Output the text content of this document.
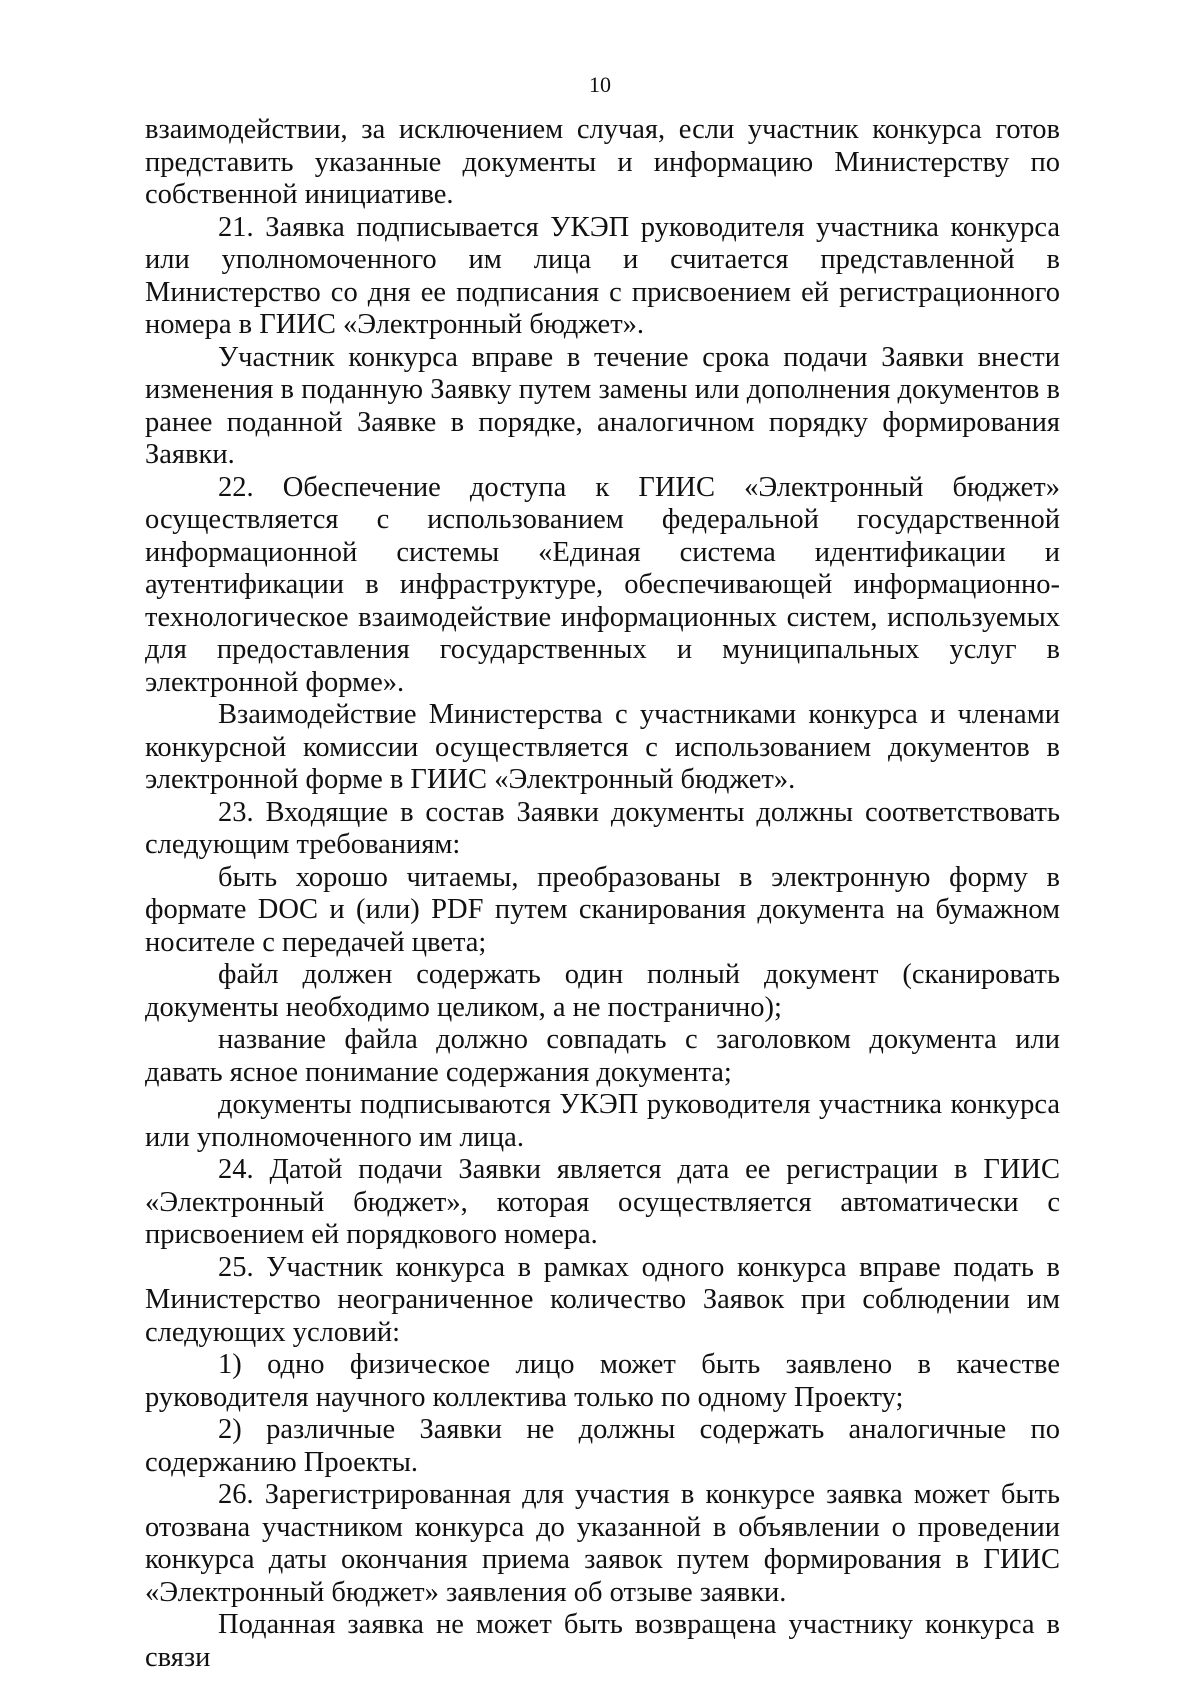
10

взаимодействии, за исключением случая, если участник конкурса готов представить указанные документы и информацию Министерству по собственной инициативе.

21. Заявка подписывается УКЭП руководителя участника конкурса или уполномоченного им лица и считается представленной в Министерство со дня ее подписания с присвоением ей регистрационного номера в ГИИС «Электронный бюджет».

Участник конкурса вправе в течение срока подачи Заявки внести изменения в поданную Заявку путем замены или дополнения документов в ранее поданной Заявке в порядке, аналогичном порядку формирования Заявки.

22. Обеспечение доступа к ГИИС «Электронный бюджет» осуществляется с использованием федеральной государственной информационной системы «Единая система идентификации и аутентификации в инфраструктуре, обеспечивающей информационно-технологическое взаимодействие информационных систем, используемых для предоставления государственных и муниципальных услуг в электронной форме».

Взаимодействие Министерства с участниками конкурса и членами конкурсной комиссии осуществляется с использованием документов в электронной форме в ГИИС «Электронный бюджет».

23. Входящие в состав Заявки документы должны соответствовать следующим требованиям:

быть хорошо читаемы, преобразованы в электронную форму в формате DOC и (или) PDF путем сканирования документа на бумажном носителе с передачей цвета;

файл должен содержать один полный документ (сканировать документы необходимо целиком, а не постранично);

название файла должно совпадать с заголовком документа или давать ясное понимание содержания документа;

документы подписываются УКЭП руководителя участника конкурса или уполномоченного им лица.

24. Датой подачи Заявки является дата ее регистрации в ГИИС «Электронный бюджет», которая осуществляется автоматически с присвоением ей порядкового номера.

25. Участник конкурса в рамках одного конкурса вправе подать в Министерство неограниченное количество Заявок при соблюдении им следующих условий:

1) одно физическое лицо может быть заявлено в качестве руководителя научного коллектива только по одному Проекту;

2) различные Заявки не должны содержать аналогичные по содержанию Проекты.

26. Зарегистрированная для участия в конкурсе заявка может быть отозвана участником конкурса до указанной в объявлении о проведении конкурса даты окончания приема заявок путем формирования в ГИИС «Электронный бюджет» заявления об отзыве заявки.

Поданная заявка не может быть возвращена участнику конкурса в связи
